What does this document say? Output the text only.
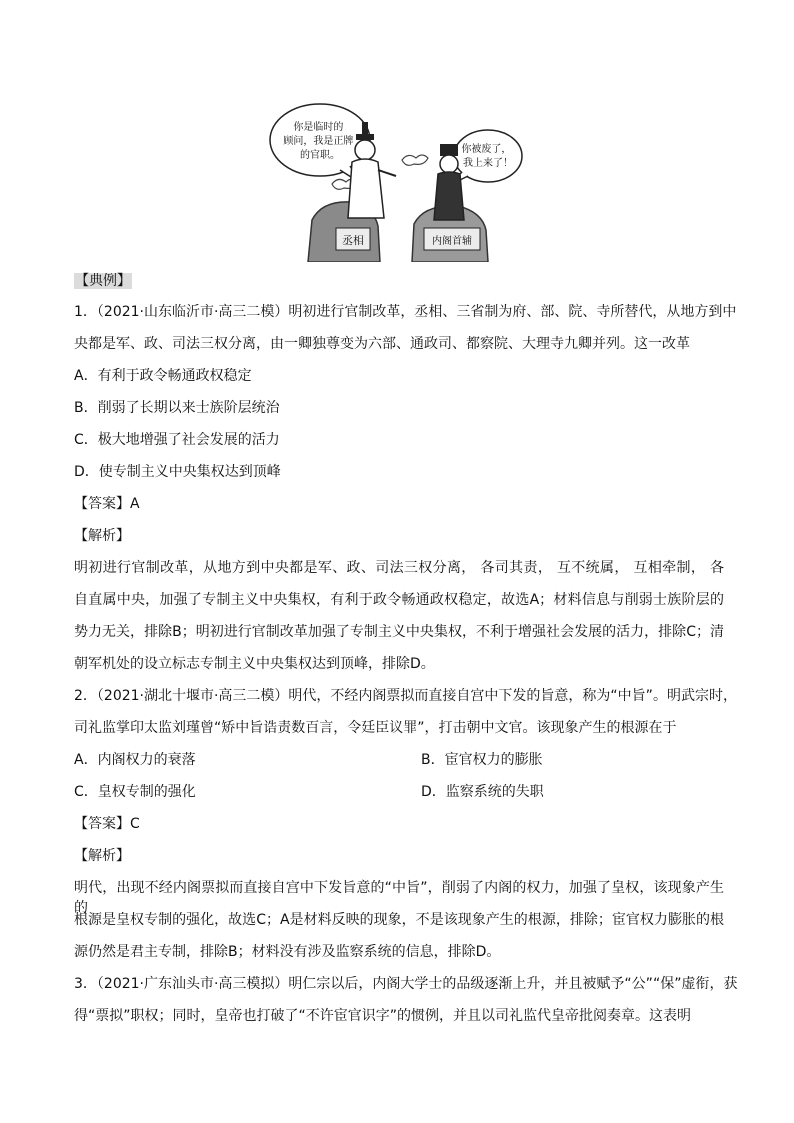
你是临时的 顾问，我是正牌 的官职。
你被废了， 我上来了！
丞相	内阁首辅
【典例】
1．（2021·山东临沂市·高三二模）明初进行官制改革，丞相、三省制为府、部、院、寺所替代，从地方到中
央都是军、政、司法三权分离，由一卿独尊变为六部、通政司、都察院、大理寺九卿并列。这一改革
A．有利于政令畅通政权稳定
B．削弱了长期以来士族阶层统治
C．极大地增强了社会发展的活力
D．使专制主义中央集权达到顶峰
【答案】A
【解析】
明初进行官制改革，从地方到中央都是军、政、司法三权分离， 各司其责， 互不统属， 互相牵制， 各
自直属中央，加强了专制主义中央集权，有利于政令畅通政权稳定，故选A；材料信息与削弱士族阶层的
势力无关，排除B；明初进行官制改革加强了专制主义中央集权，不利于增强社会发展的活力，排除C；清
朝军机处的设立标志专制主义中央集权达到顶峰，排除D。
2．（2021·湖北十堰市·高三二模）明代，不经内阁票拟而直接自宫中下发的旨意，称为“中旨”。明武宗时，
司礼监掌印太监刘瑾曾“矫中旨诰责数百言，令廷臣议罪”，打击朝中文官。该现象产生的根源在于
A．内阁权力的衰落	B．宦官权力的膨胀
C．皇权专制的强化	D．监察系统的失职
【答案】C
【解析】
明代，出现不经内阁票拟而直接自宫中下发旨意的“中旨”，削弱了内阁的权力，加强了皇权，该现象产生的
根源是皇权专制的强化，故选C；A是材料反映的现象，不是该现象产生的根源，排除；宦官权力膨胀的根
源仍然是君主专制，排除B；材料没有涉及监察系统的信息，排除D。
3．（2021·广东汕头市·高三模拟）明仁宗以后，内阁大学士的品级逐渐上升，并且被赋予“公”“保”虚衔，获
得“票拟”职权；同时，皇帝也打破了“不许宦官识字”的惯例，并且以司礼监代皇帝批阅奏章。这表明
